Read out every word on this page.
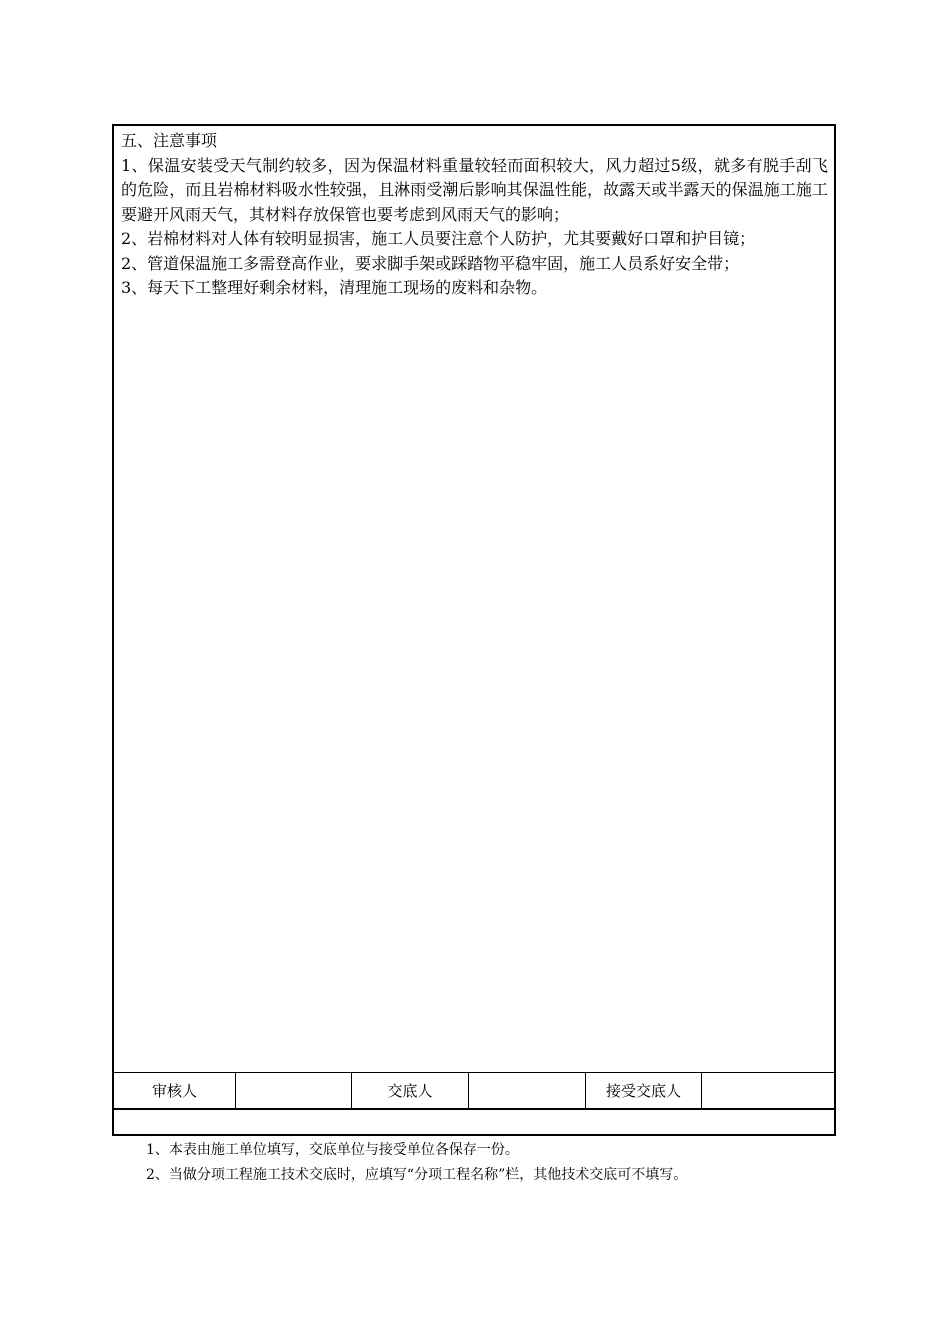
五、注意事项

1、保温安装受天气制约较多，因为保温材料重量较轻而面积较大，风力超过5级，就多有脱手刮飞的危险，而且岩棉材料吸水性较强，且淋雨受潮后影响其保温性能，故露天或半露天的保温施工施工要避开风雨天气，其材料存放保管也要考虑到风雨天气的影响；

2、岩棉材料对人体有较明显损害，施工人员要注意个人防护，尤其要戴好口罩和护目镜；

2、管道保温施工多需登高作业，要求脚手架或踩踏物平稳牢固，施工人员系好安全带；

3、每天下工整理好剩余材料，清理施工现场的废料和杂物。

审核人	交底人	接受交底人

1、本表由施工单位填写，交底单位与接受单位各保存一份。

2、当做分项工程施工技术交底时，应填写“分项工程名称”栏，其他技术交底可不填写。
